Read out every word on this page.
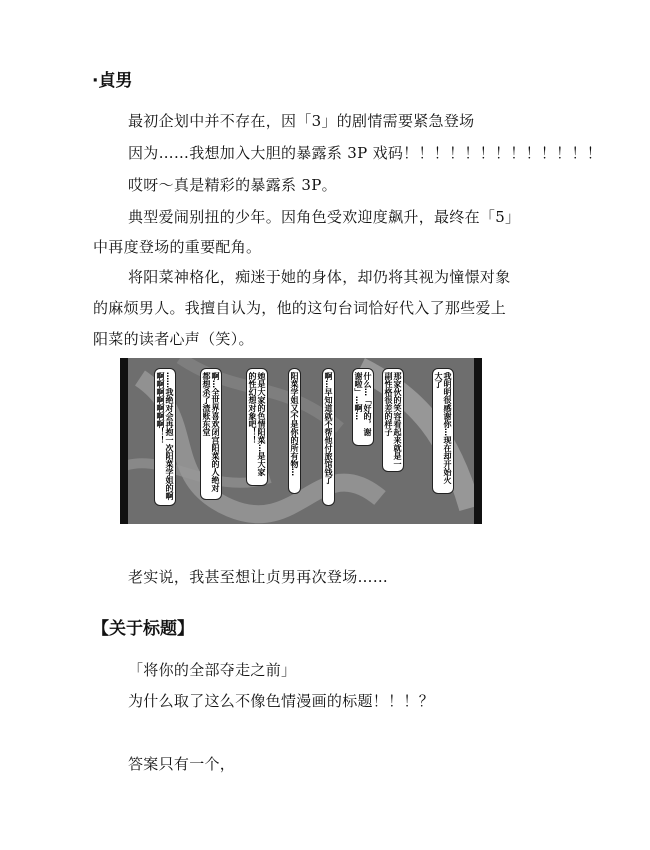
·貞男
最初企划中并不存在，因「3」的剧情需要紧急登场
因为……我想加入大胆的暴露系 3P 戏码！！！！！！！！！！！！！
哎呀～真是精彩的暴露系 3P。
典型爱闹别扭的少年。因角色受欢迎度飙升，最终在「5」
中再度登场的重要配角。
将阳菜神格化，痴迷于她的身体，却仍将其视为憧憬对象
的麻烦男人。我擅自认为，他的这句台词恰好代入了那些爱上
阳菜的读者心声（笑）。
我明明很感谢你…现在却开始火大了
那家伙的笑容看起来就是一副性格很差的样子
什么…「好的，谢谢啦」…啊…
啊…早知道就不帮他付旅馆钱了
阳菜学姐又不是你的所有物…
她是大家的色情阳菜…是大家的性幻想对象吧！！
啊…全世界喜欢闭宫阳菜的人绝对都想杀了渣账东堂
……我绝对会再抱一次阳菜学姐的啊啊啊啊啊啊啊啊！！
老实说，我甚至想让贞男再次登场……
【关于标题】
「将你的全部夺走之前」
为什么取了这么不像色情漫画的标题！！！？
答案只有一个，
